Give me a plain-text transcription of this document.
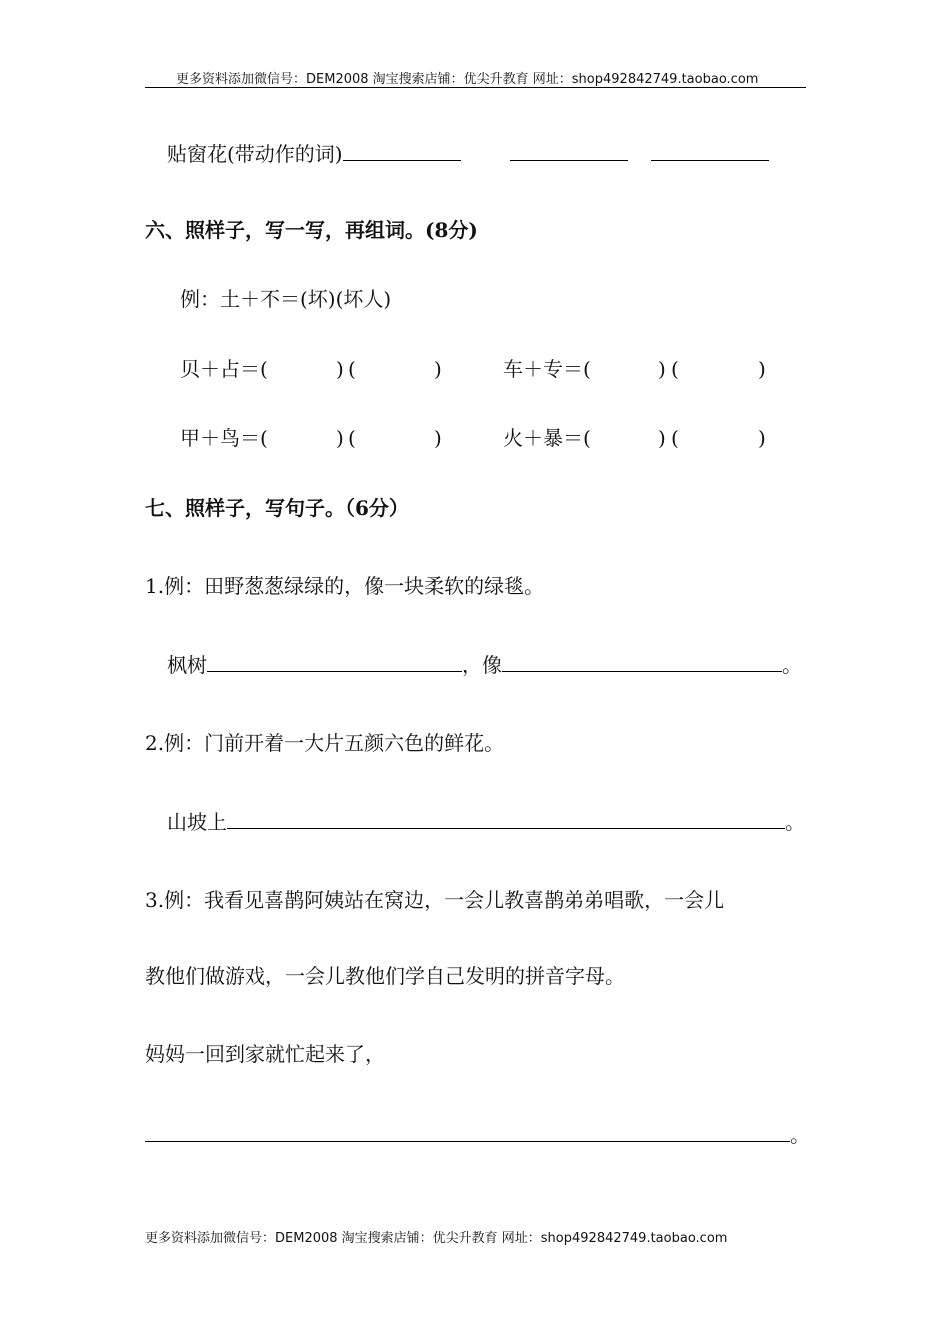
更多资料添加微信号：DEM2008 淘宝搜索店铺：优尖升教育 网址：shop492842749.taobao.com
贴窗花(带动作的词)
六、照样子，写一写，再组词。(8分)
例：土＋不＝(坏)(坏人)
贝＋占＝(	) (	)	车＋专＝(	) (	)
甲＋鸟＝(	) (	)	火＋暴＝(	) (	)
七、照样子，写句子。（6分）
1.例：田野葱葱绿绿的，像一块柔软的绿毯。
枫树	，像	。
2.例：门前开着一大片五颜六色的鲜花。
山坡上	。
3.例：我看见喜鹊阿姨站在窝边，一会儿教喜鹊弟弟唱歌，一会儿
教他们做游戏，一会儿教他们学自己发明的拼音字母。
妈妈一回到家就忙起来了，
。
更多资料添加微信号：DEM2008 淘宝搜索店铺：优尖升教育 网址：shop492842749.taobao.com
